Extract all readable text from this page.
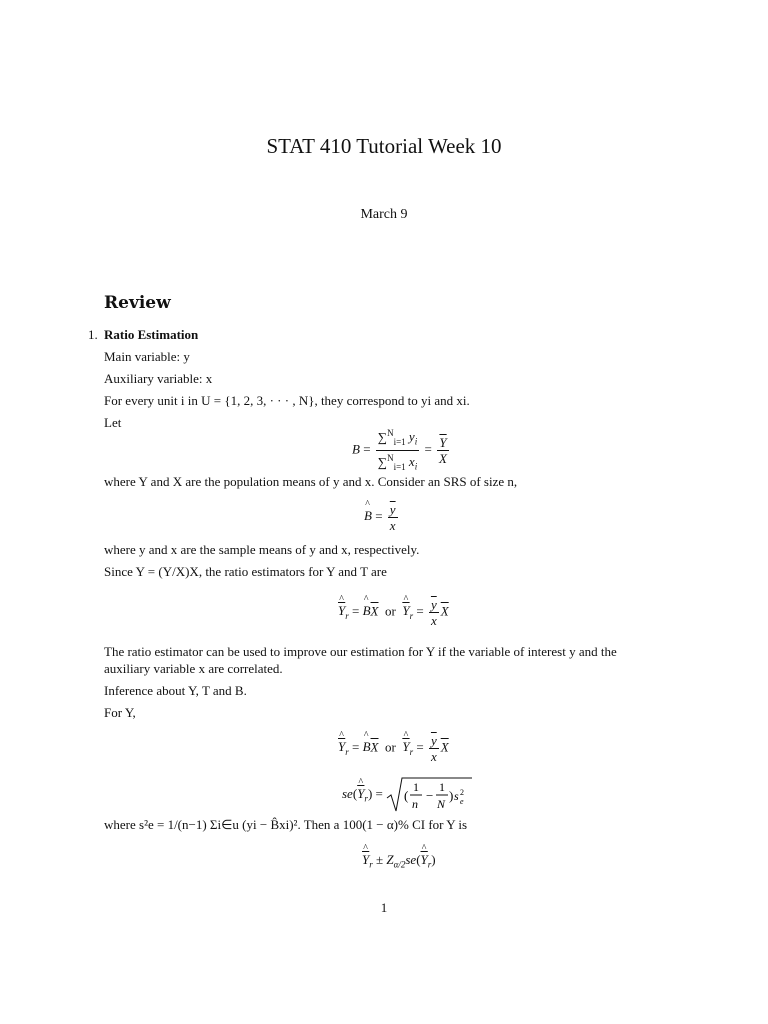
STAT 410 Tutorial Week 10
March 9
Review
1. Ratio Estimation
Main variable: y
Auxiliary variable: x
For every unit i in U = {1, 2, 3, · · · , N}, they correspond to yi and xi.
Let
$B = \frac{\sum^N_{i=1} y_i}{\sum^N_{i=1} x_i} = \frac{\overline{Y}}{X}$
where Y and X are the population means of y and x. Consider an SRS of size n,
^ $B = \frac{\overline{y}}{x}$
where y and x are the sample means of y and x, respectively.
Since Y = (Y/X)X, the ratio estimators for Y and T are
^ $\overline{Y}_r$ = ^ $B\overline{X}$ or ^ $\overline{Y}_r = \frac{\overline{y}}{x} \overline{X}$
The ratio estimator can be used to improve our estimation for Y if the variable of interest y and the
auxiliary variable x are correlated.
Inference about Y, T and B.
For Y,
^ $\overline{Y}_r$ = ^ $B\overline{X}$ or ^ $\overline{Y}_r = \frac{\overline{y}}{x} \overline{X}$
se(^ $\overline{Y}_r$) = (
1
n
−
1
N
) s 2
e
where s²e = 1/(n−1) Σi∈u (yi − B̂xi)². Then a 100(1 − α)% CI for Y is
^ $\overline{Y}_r$ ± $Z_{\alpha/2}se(\^{}$ $\overline{Y}_r$)
1
